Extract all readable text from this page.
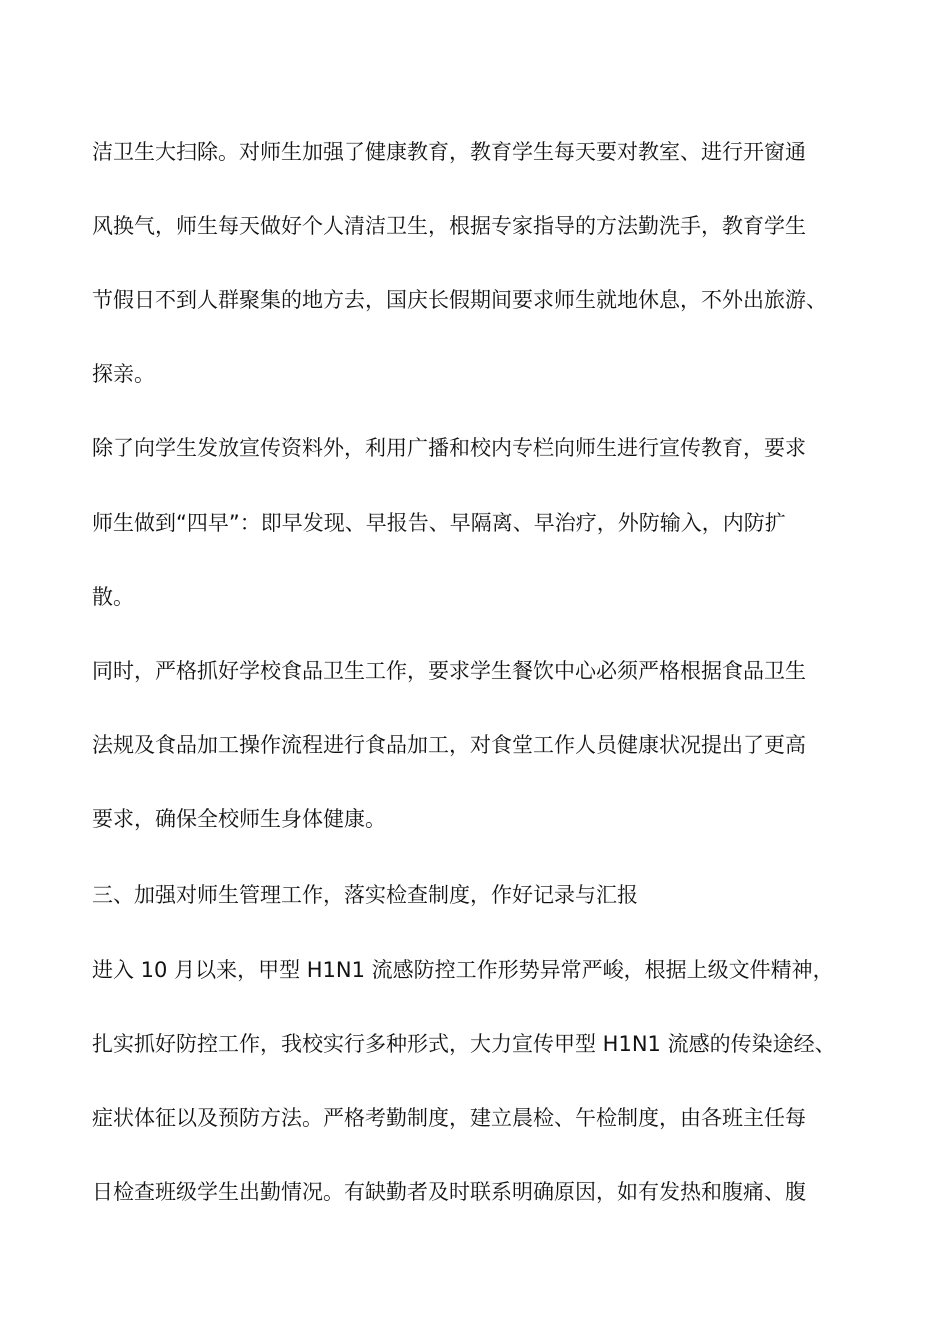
洁卫生大扫除。对师生加强了健康教育，教育学生每天要对教室、进行开窗通
风换气，师生每天做好个人清洁卫生，根据专家指导的方法勤洗手，教育学生
节假日不到人群聚集的地方去，国庆长假期间要求师生就地休息，不外出旅游、
探亲。
除了向学生发放宣传资料外，利用广播和校内专栏向师生进行宣传教育，要求
师生做到“四早”：即早发现、早报告、早隔离、早治疗，外防输入，内防扩
散。
同时，严格抓好学校食品卫生工作，要求学生餐饮中心必须严格根据食品卫生
法规及食品加工操作流程进行食品加工，对食堂工作人员健康状况提出了更高
要求，确保全校师生身体健康。
三、加强对师生管理工作，落实检查制度，作好记录与汇报
进入 10 月以来，甲型 H1N1 流感防控工作形势异常严峻，根据上级文件精神，
扎实抓好防控工作，我校实行多种形式，大力宣传甲型 H1N1 流感的传染途经、
症状体征以及预防方法。严格考勤制度，建立晨检、午检制度，由各班主任每
日检查班级学生出勤情况。有缺勤者及时联系明确原因，如有发热和腹痛、腹
